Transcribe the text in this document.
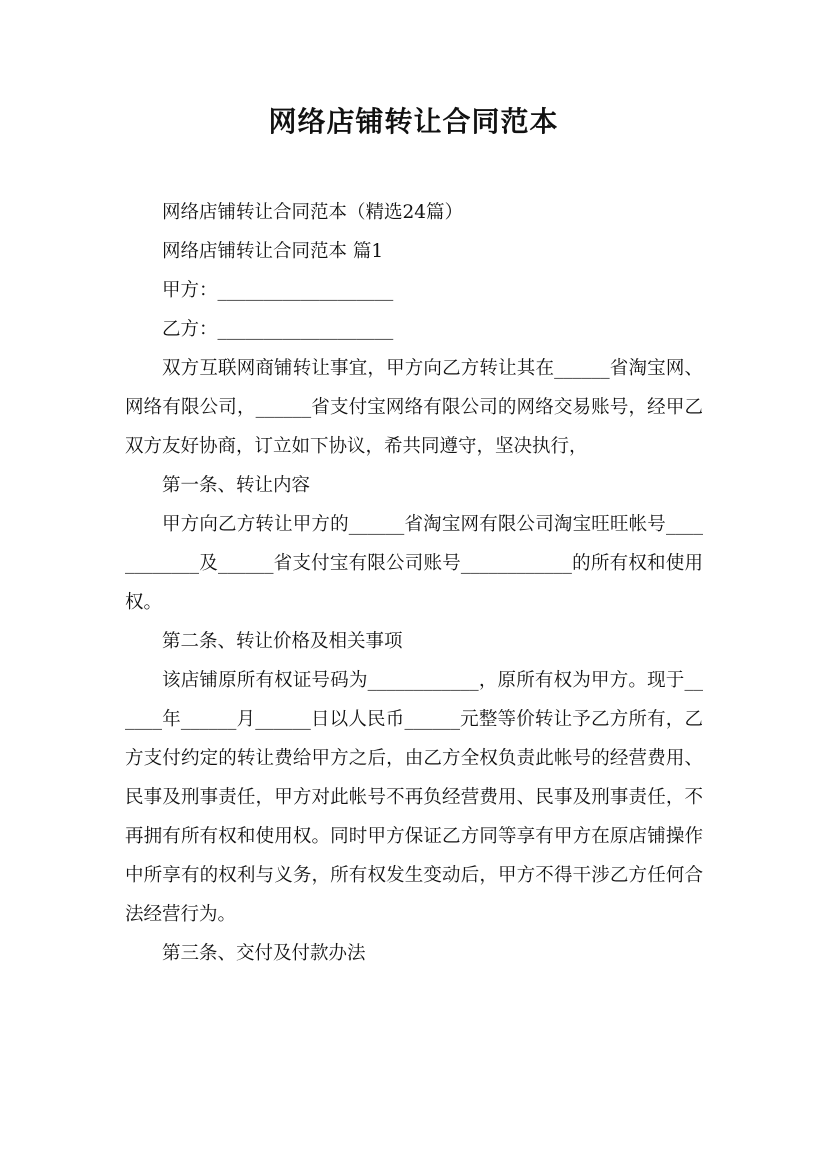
网络店铺转让合同范本

网络店铺转让合同范本（精选24篇）

网络店铺转让合同范本 篇1

甲方：___________________

乙方：___________________

双方互联网商铺转让事宜，甲方向乙方转让其在______省淘宝网、网络有限公司，______省支付宝网络有限公司的网络交易账号，经甲乙双方友好协商，订立如下协议，希共同遵守，坚决执行，

第一条、转让内容

甲方向乙方转让甲方的______省淘宝网有限公司淘宝旺旺帐号____________及______省支付宝有限公司账号____________的所有权和使用权。

第二条、转让价格及相关事项

该店铺原所有权证号码为____________，原所有权为甲方。现于______年______月______日以人民币______元整等价转让予乙方所有，乙方支付约定的转让费给甲方之后，由乙方全权负责此帐号的经营费用、民事及刑事责任，甲方对此帐号不再负经营费用、民事及刑事责任，不再拥有所有权和使用权。同时甲方保证乙方同等享有甲方在原店铺操作中所享有的权利与义务，所有权发生变动后，甲方不得干涉乙方任何合法经营行为。

第三条、交付及付款办法
